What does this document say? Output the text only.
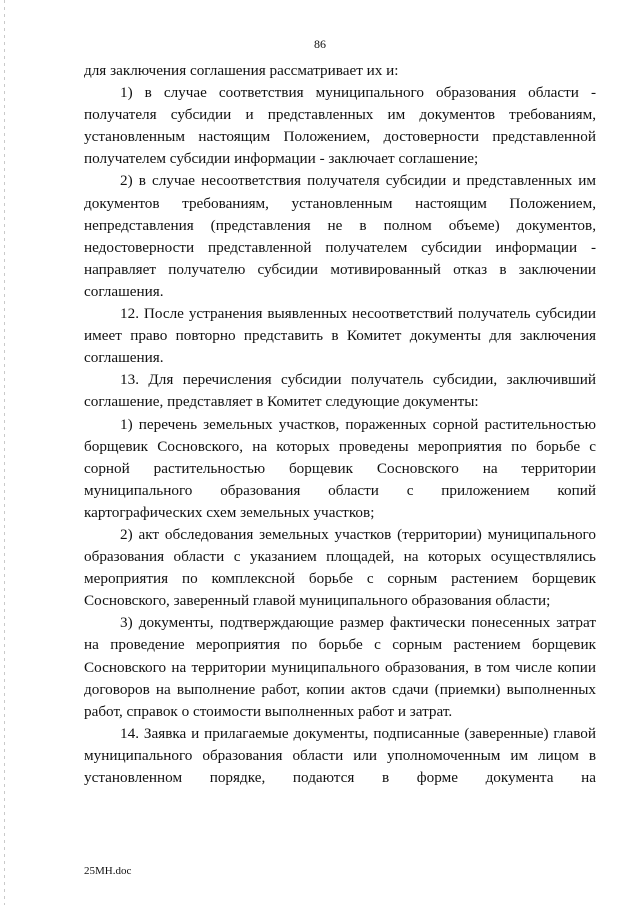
86

для заключения соглашения рассматривает их и:

1) в случае соответствия муниципального образования области - получателя субсидии и представленных им документов требованиям, установленным настоящим Положением, достоверности представленной получателем субсидии информации - заключает соглашение;

2) в случае несоответствия получателя субсидии и представленных им документов требованиям, установленным настоящим Положением, непредставления (представления не в полном объеме) документов, недостоверности представленной получателем субсидии информации - направляет получателю субсидии мотивированный отказ в заключении соглашения.

12. После устранения выявленных несоответствий получатель субсидии имеет право повторно представить в Комитет документы для заключения соглашения.

13. Для перечисления субсидии получатель субсидии, заключивший соглашение, представляет в Комитет следующие документы:

1) перечень земельных участков, пораженных сорной растительностью борщевик Сосновского, на которых проведены мероприятия по борьбе с сорной растительностью борщевик Сосновского на территории муниципального образования области с приложением копий картографических схем земельных участков;

2) акт обследования земельных участков (территории) муниципального образования области с указанием площадей, на которых осуществлялись мероприятия по комплексной борьбе с сорным растением борщевик Сосновского, заверенный главой муниципального образования области;

3) документы, подтверждающие размер фактически понесенных затрат на проведение мероприятия по борьбе с сорным растением борщевик Сосновского на территории муниципального образования, в том числе копии договоров на выполнение работ, копии актов сдачи (приемки) выполненных работ, справок о стоимости выполненных работ и затрат.

14. Заявка и прилагаемые документы, подписанные (заверенные) главой муниципального образования области или уполномоченным им лицом в установленном порядке, подаются в форме документа на

25МН.doc
